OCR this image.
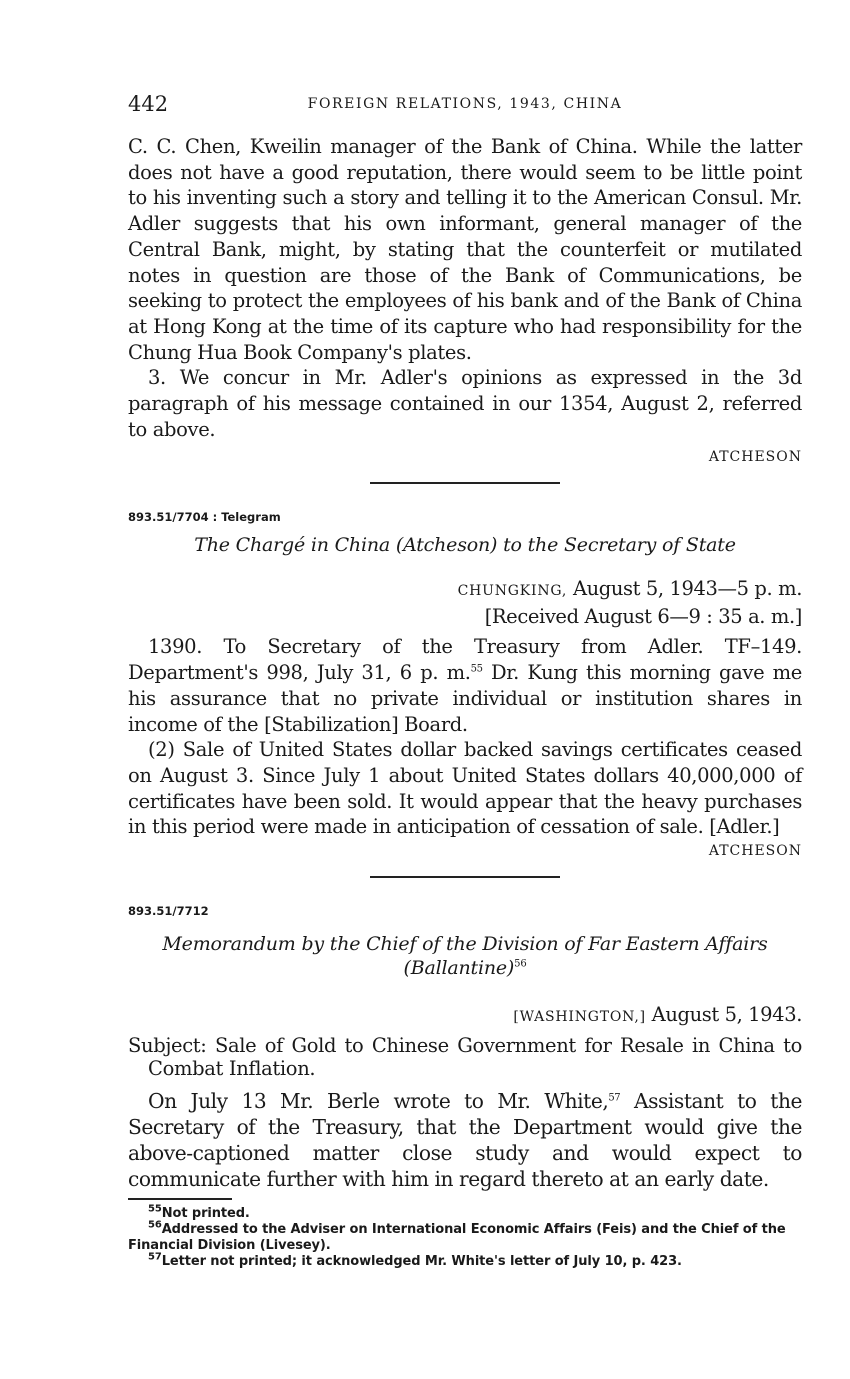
442	FOREIGN RELATIONS, 1943, CHINA

C. C. Chen, Kweilin manager of the Bank of China. While the latter does not have a good reputation, there would seem to be little point to his inventing such a story and telling it to the American Consul. Mr. Adler suggests that his own informant, general manager of the Central Bank, might, by stating that the counterfeit or mutilated notes in question are those of the Bank of Communications, be seeking to protect the employees of his bank and of the Bank of China at Hong Kong at the time of its capture who had responsibility for the Chung Hua Book Company's plates.

3. We concur in Mr. Adler's opinions as expressed in the 3d paragraph of his message contained in our 1354, August 2, referred to above.

ATCHESON
893.51/7704 : Telegram
The Chargé in China (Atcheson) to the Secretary of State
CHUNGKING, August 5, 1943—5 p. m.
[Received August 6—9 : 35 a. m.]

1390. To Secretary of the Treasury from Adler. TF–149. Department's 998, July 31, 6 p. m.$^{55}$ Dr. Kung this morning gave me his assurance that no private individual or institution shares in income of the [Stabilization] Board.

(2) Sale of United States dollar backed savings certificates ceased on August 3. Since July 1 about United States dollars 40,000,000 of certificates have been sold. It would appear that the heavy purchases in this period were made in anticipation of cessation of sale. [Adler.]

ATCHESON
893.51/7712
Memorandum by the Chief of the Division of Far Eastern Affairs
(Ballantine)$^{56}$
[WASHINGTON,] August 5, 1943.

Subject: Sale of Gold to Chinese Government for Resale in China to Combat Inflation.

On July 13 Mr. Berle wrote to Mr. White,$^{57}$ Assistant to the Secretary of the Treasury, that the Department would give the above-captioned matter close study and would expect to communicate further with him in regard thereto at an early date.

$^{55}$Not printed.

$^{56}$Addressed to the Adviser on International Economic Affairs (Feis) and the Chief of the Financial Division (Livesey).

$^{57}$Letter not printed; it acknowledged Mr. White's letter of July 10, p. 423.
